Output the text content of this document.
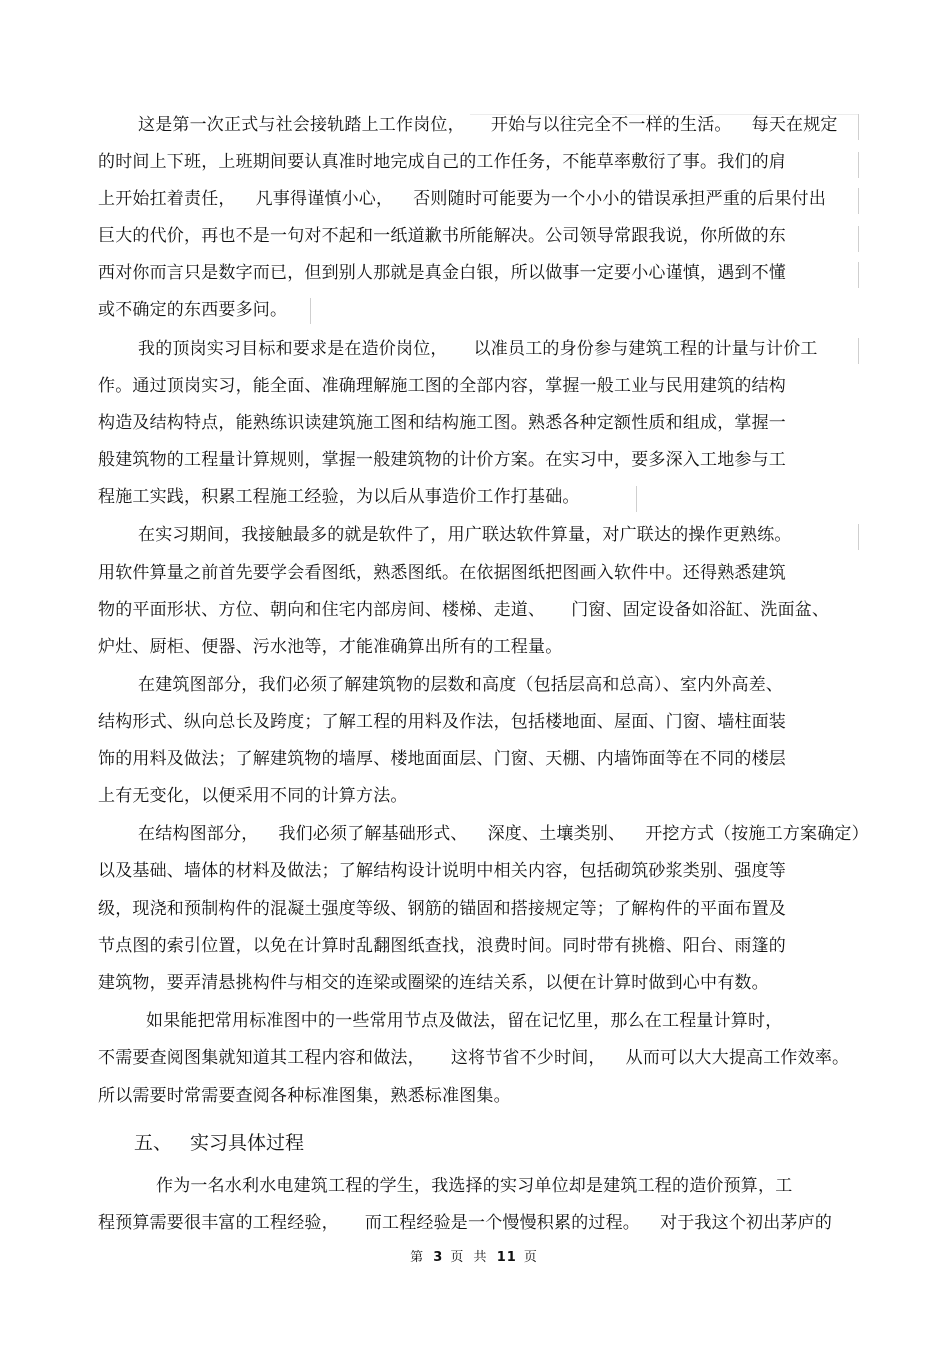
这是第一次正式与社会接轨踏上工作岗位， 开始与以往完全不一样的生活。 每天在规定
的时间上下班，上班期间要认真准时地完成自己的工作任务，不能草率敷衍了事。我们的肩
上开始扛着责任， 凡事得谨慎小心， 否则随时可能要为一个小小的错误承担严重的后果付出
巨大的代价，再也不是一句对不起和一纸道歉书所能解决。公司领导常跟我说，你所做的东
西对你而言只是数字而已，但到别人那就是真金白银，所以做事一定要小心谨慎，遇到不懂
或不确定的东西要多问。
我的顶岗实习目标和要求是在造价岗位， 以准员工的身份参与建筑工程的计量与计价工
作。通过顶岗实习，能全面、准确理解施工图的全部内容，掌握一般工业与民用建筑的结构
构造及结构特点，能熟练识读建筑施工图和结构施工图。熟悉各种定额性质和组成，掌握一
般建筑物的工程量计算规则，掌握一般建筑物的计价方案。在实习中，要多深入工地参与工
程施工实践，积累工程施工经验，为以后从事造价工作打基础。
在实习期间，我接触最多的就是软件了，用广联达软件算量，对广联达的操作更熟练。
用软件算量之前首先要学会看图纸，熟悉图纸。在依据图纸把图画入软件中。还得熟悉建筑
物的平面形状、方位、朝向和住宅内部房间、楼梯、走道、 门窗、固定设备如浴缸、洗面盆、
炉灶、厨柜、便器、污水池等，才能准确算出所有的工程量。
在建筑图部分，我们必须了解建筑物的层数和高度（包括层高和总高）、室内外高差、
结构形式、纵向总长及跨度；了解工程的用料及作法，包括楼地面、屋面、门窗、墙柱面装
饰的用料及做法；了解建筑物的墙厚、楼地面面层、门窗、天棚、内墙饰面等在不同的楼层
上有无变化，以便采用不同的计算方法。
在结构图部分， 我们必须了解基础形式、 深度、土壤类别、 开挖方式（按施工方案确定）
以及基础、墙体的材料及做法；了解结构设计说明中相关内容，包括砌筑砂浆类别、强度等
级，现浇和预制构件的混凝土强度等级、钢筋的锚固和搭接规定等；了解构件的平面布置及
节点图的索引位置，以免在计算时乱翻图纸查找，浪费时间。同时带有挑檐、阳台、雨篷的
建筑物，要弄清悬挑构件与相交的连梁或圈梁的连结关系，以便在计算时做到心中有数。
如果能把常用标准图中的一些常用节点及做法，留在记忆里，那么在工程量计算时，
不需要查阅图集就知道其工程内容和做法， 这将节省不少时间， 从而可以大大提高工作效率。
所以需要时常需要查阅各种标准图集，熟悉标准图集。
五、 实习具体过程
作为一名水利水电建筑工程的学生，我选择的实习单位却是建筑工程的造价预算，工
程预算需要很丰富的工程经验， 而工程经验是一个慢慢积累的过程。 对于我这个初出茅庐的
第 3 页 共 11 页
